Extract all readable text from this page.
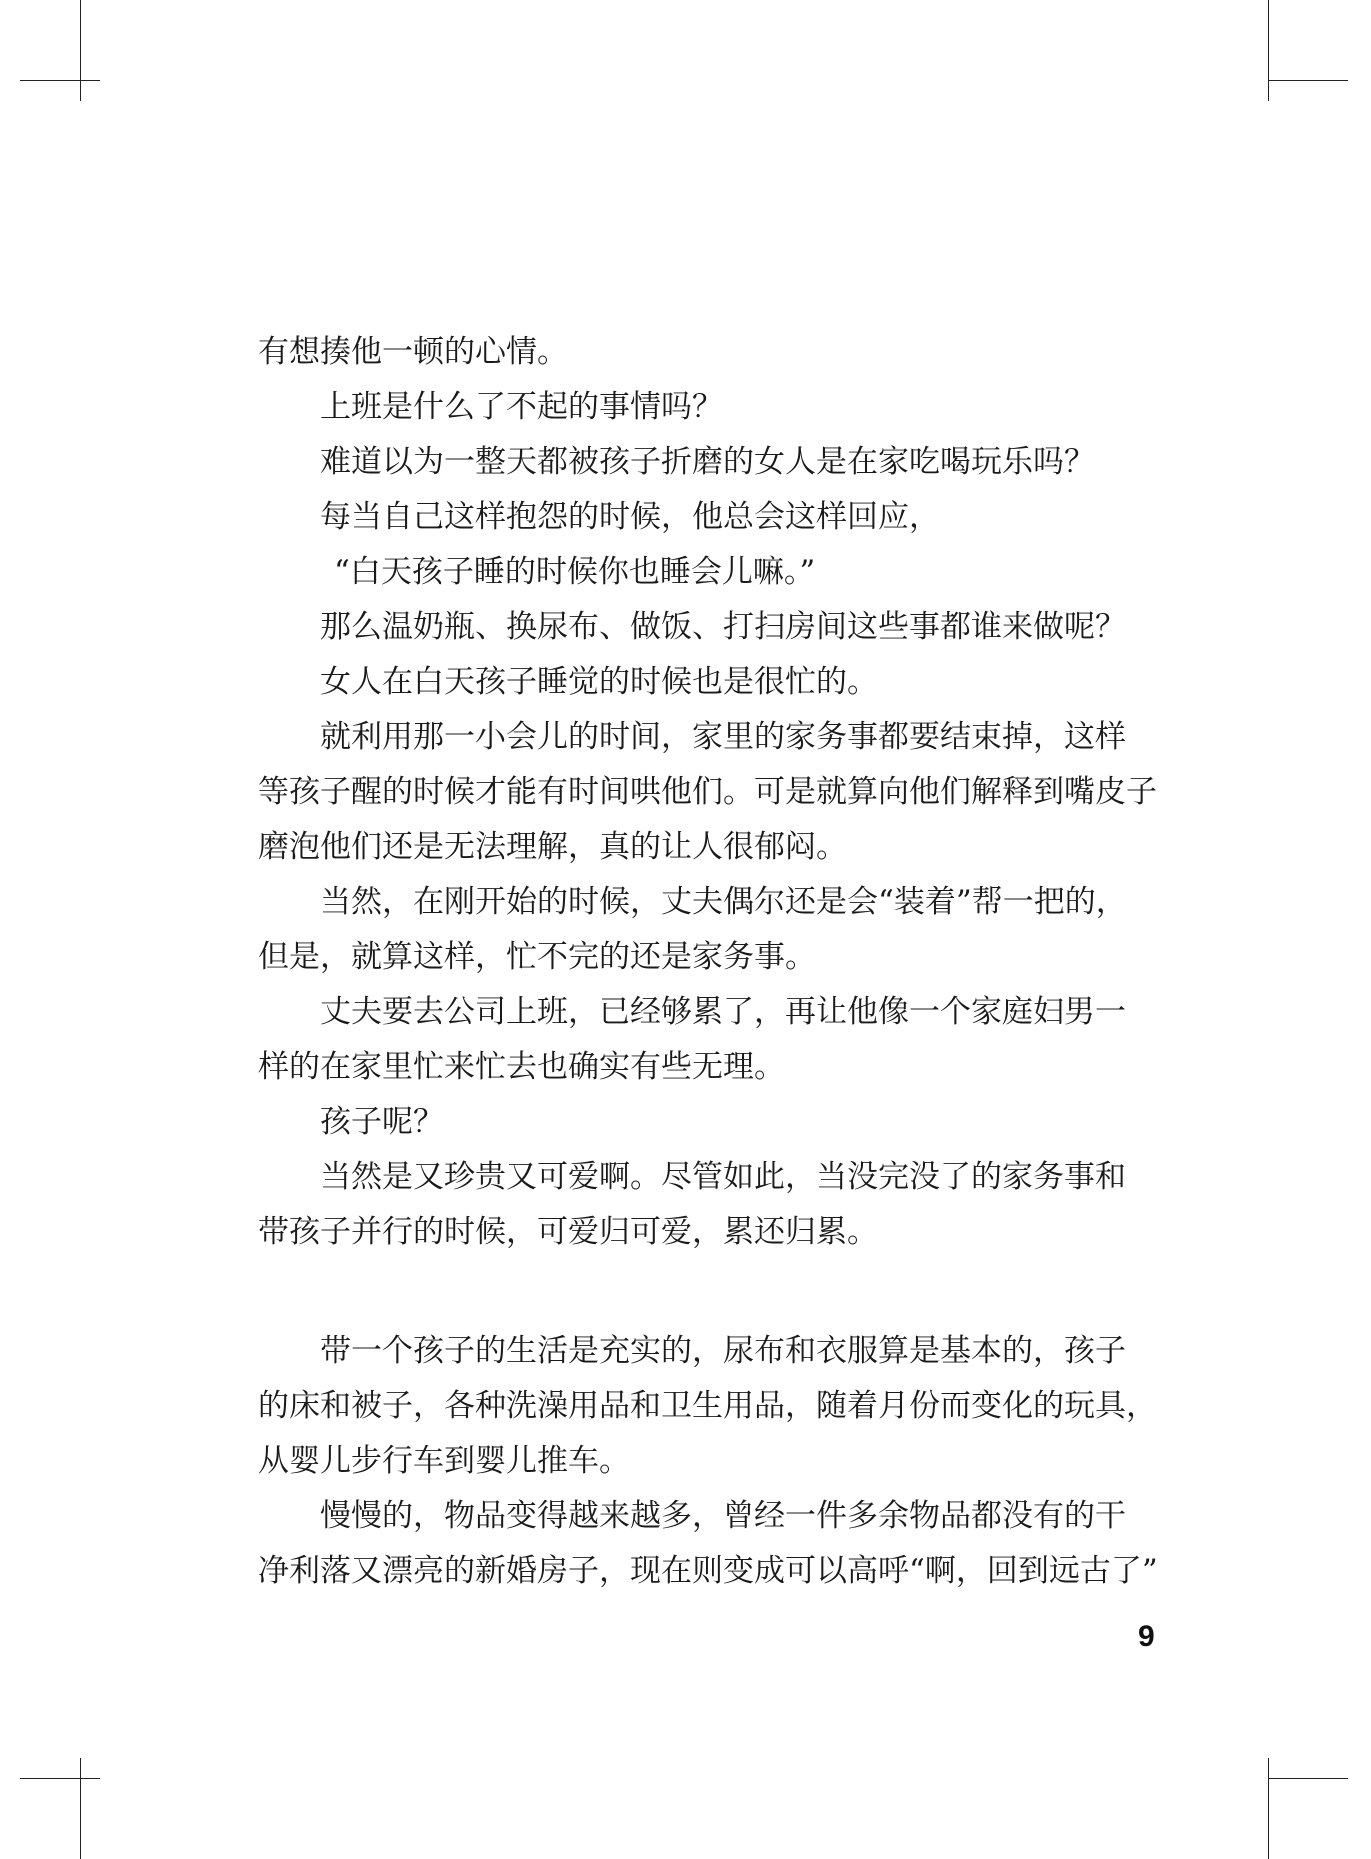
有想揍他一顿的心情。
上班是什么了不起的事情吗？
难道以为一整天都被孩子折磨的女人是在家吃喝玩乐吗？
每当自己这样抱怨的时候，他总会这样回应，
“白天孩子睡的时候你也睡会儿嘛。”
那么温奶瓶、换尿布、做饭、打扫房间这些事都谁来做呢？
女人在白天孩子睡觉的时候也是很忙的。
就利用那一小会儿的时间，家里的家务事都要结束掉，这样
等孩子醒的时候才能有时间哄他们。可是就算向他们解释到嘴皮子
磨泡他们还是无法理解，真的让人很郁闷。
当然，在刚开始的时候，丈夫偶尔还是会“装着”帮一把的，
但是，就算这样，忙不完的还是家务事。
丈夫要去公司上班，已经够累了，再让他像一个家庭妇男一
样的在家里忙来忙去也确实有些无理。
孩子呢？
当然是又珍贵又可爱啊。尽管如此，当没完没了的家务事和
带孩子并行的时候，可爱归可爱，累还归累。
带一个孩子的生活是充实的，尿布和衣服算是基本的，孩子
的床和被子，各种洗澡用品和卫生用品，随着月份而变化的玩具，
从婴儿步行车到婴儿推车。
慢慢的，物品变得越来越多，曾经一件多余物品都没有的干
净利落又漂亮的新婚房子，现在则变成可以高呼“啊，回到远古了”
9
